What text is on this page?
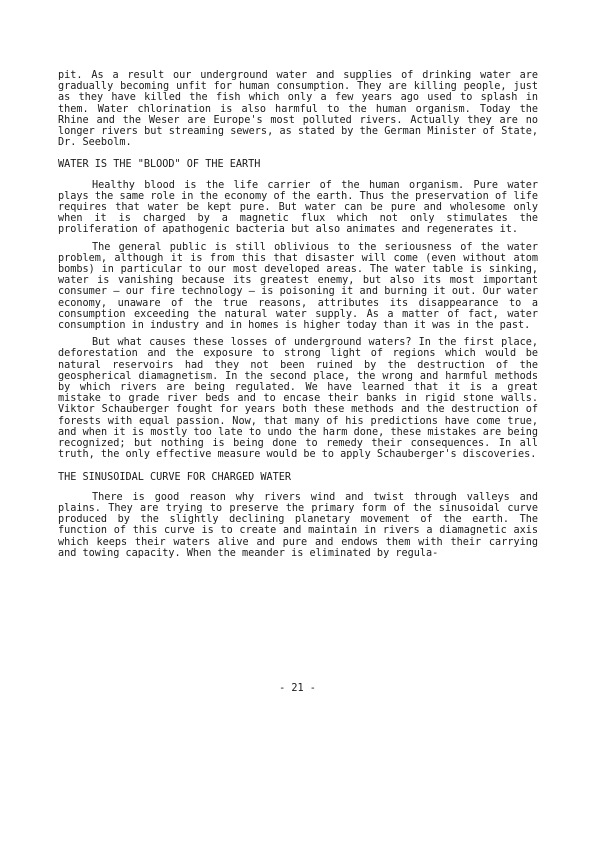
pit. As a result our underground water and supplies of drinking water are gradually becoming unfit for human consumption. They are killing people, just as they have killed the fish which only a few years ago used to splash in them. Water chlorination is also harmful to the human organism. Today the Rhine and the Weser are Europe's most polluted rivers. Actually they are no longer rivers but streaming sewers, as stated by the German Minister of State, Dr. Seebolm.

WATER IS THE "BLOOD" OF THE EARTH

Healthy blood is the life carrier of the human organism. Pure water plays the same role in the economy of the earth. Thus the preservation of life requires that water be kept pure. But water can be pure and wholesome only when it is charged by a magnetic flux which not only stimulates the proliferation of apathogenic bacteria but also animates and regenerates it.

The general public is still oblivious to the seriousness of the water problem, although it is from this that disaster will come (even without atom bombs) in particular to our most developed areas. The water table is sinking, water is vanishing because its greatest enemy, but also its most important consumer — our fire technology — is poisoning it and burning it out. Our water economy, unaware of the true reasons, attributes its disappearance to a consumption exceeding the natural water supply. As a matter of fact, water consumption in industry and in homes is higher today than it was in the past.

But what causes these losses of underground waters? In the first place, deforestation and the exposure to strong light of regions which would be natural reservoirs had they not been ruined by the destruction of the geospherical diamagnetism. In the second place, the wrong and harmful methods by which rivers are being regulated. We have learned that it is a great mistake to grade river beds and to encase their banks in rigid stone walls. Viktor Schauberger fought for years both these methods and the destruction of forests with equal passion. Now, that many of his predictions have come true, and when it is mostly too late to undo the harm done, these mistakes are being recognized; but nothing is being done to remedy their consequences. In all truth, the only effective measure would be to apply Schauberger's discoveries.

THE SINUSOIDAL CURVE FOR CHARGED WATER

There is good reason why rivers wind and twist through valleys and plains. They are trying to preserve the primary form of the sinusoidal curve produced by the slightly declining planetary movement of the earth. The function of this curve is to create and maintain in rivers a diamagnetic axis which keeps their waters alive and pure and endows them with their carrying and towing capacity. When the meander is eliminated by regula-

- 21 -
